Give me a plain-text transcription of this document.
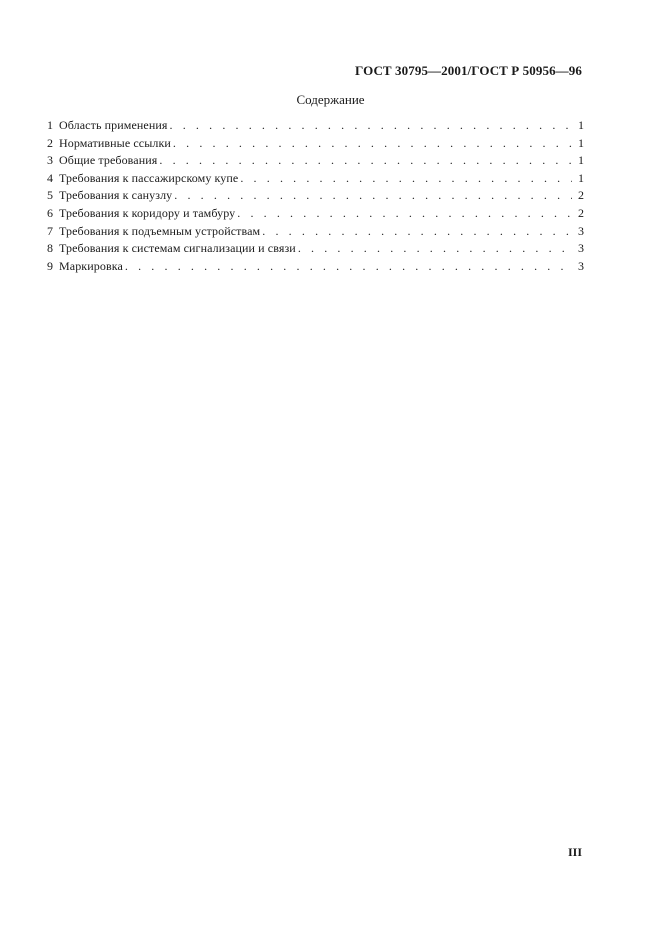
ГОСТ 30795—2001/ГОСТ Р 50956—96
Содержание
1 Область применения . . .	1
2 Нормативные ссылки . . .	1
3 Общие требования . . .	1
4 Требования к пассажирскому купе . . .	1
5 Требования к санузлу . . .	2
6 Требования к коридору и тамбуру . . .	2
7 Требования к подъемным устройствам . . .	3
8 Требования к системам сигнализации и связи . . .	3
9 Маркировка . . .	3
III
